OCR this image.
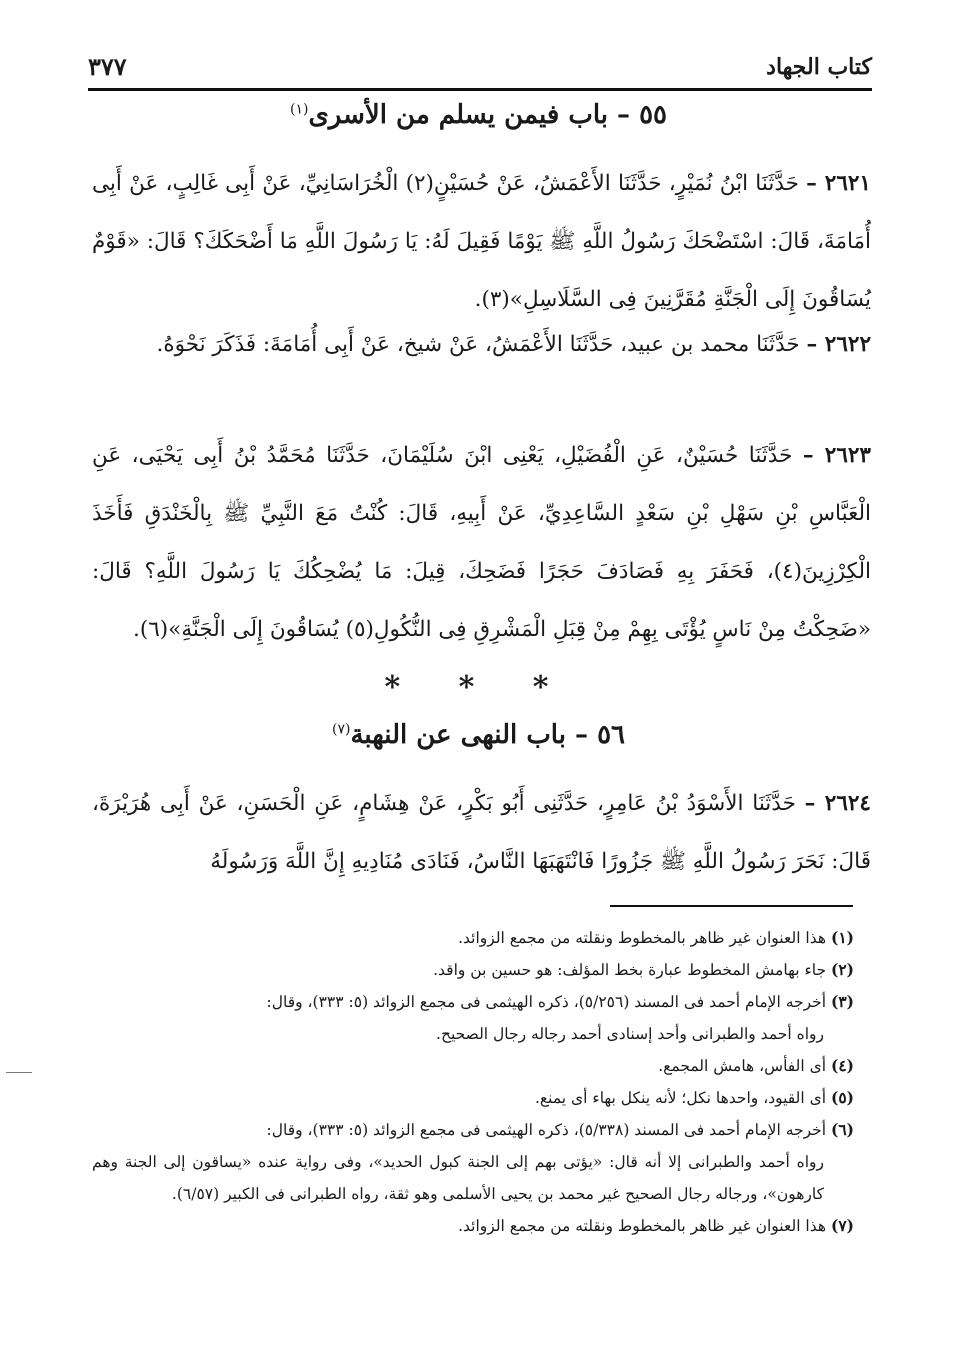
كتاب الجهاد
٣٧٧
٥٥ – باب فيمن يسلم من الأسرى$^{(١)}$
٢٦٢١ – حَدَّثَنَا ابْنُ نُمَيْرٍ، حَدَّثَنَا الأَعْمَشُ، عَنْ حُسَيْنٍ(٢) الْخُرَاسَانِيِّ، عَنْ أَبِى غَالِبٍ، عَنْ أَبِى أُمَامَةَ، قَالَ: اسْتَضْحَكَ رَسُولُ اللَّهِ ﷺ يَوْمًا فَقِيلَ لَهُ: يَا رَسُولَ اللَّهِ مَا أَضْحَكَكَ؟ قَالَ: «قَوْمٌ يُسَاقُونَ إِلَى الْجَنَّةِ مُقَرَّنِينَ فِى السَّلَاسِلِ»(٣).
٢٦٢٢ – حَدَّثَنَا محمد بن عبيد، حَدَّثَنَا الأَعْمَشُ، عَنْ شيخ، عَنْ أَبِى أُمَامَةَ: فَذَكَرَ نَحْوَهُ.
٢٦٢٣ – حَدَّثَنَا حُسَيْنٌ، عَنِ الْفُضَيْلِ، يَعْنِى ابْنَ سُلَيْمَانَ، حَدَّثَنَا مُحَمَّدُ بْنُ أَبِى يَحْيَى، عَنِ الْعَبَّاسِ بْنِ سَهْلِ بْنِ سَعْدٍ السَّاعِدِيِّ، عَنْ أَبِيهِ، قَالَ: كُنْتُ مَعَ النَّبِيِّ ﷺ بِالْخَنْدَقِ فَأَخَذَ الْكِرْزِينَ(٤)، فَحَفَرَ بِهِ فَصَادَفَ حَجَرًا فَضَحِكَ، قِيلَ: مَا يُضْحِكُكَ يَا رَسُولَ اللَّهِ؟ قَالَ: «ضَحِكْتُ مِنْ نَاسٍ يُؤْتَى بِهِمْ مِنْ قِبَلِ الْمَشْرِقِ فِى النُّكُولِ(٥) يُسَاقُونَ إِلَى الْجَنَّةِ»(٦).
* * *
٥٦ – باب النهى عن النهبة$^{(٧)}$
٢٦٢٤ – حَدَّثَنَا الأَسْوَدُ بْنُ عَامِرٍ، حَدَّثَنِى أَبُو بَكْرٍ، عَنْ هِشَامٍ، عَنِ الْحَسَنِ، عَنْ أَبِى هُرَيْرَةَ، قَالَ: نَحَرَ رَسُولُ اللَّهِ ﷺ جَزُورًا فَانْتَهَبَهَا النَّاسُ، فَنَادَى مُنَادِيهِ إِنَّ اللَّهَ وَرَسُولَهُ

(١) هذا العنوان غير ظاهر بالمخطوط ونقلته من مجمع الزوائد.

(٢) جاء بهامش المخطوط عبارة بخط المؤلف: هو حسين بن واقد.

(٣) أخرجه الإمام أحمد فى المسند (٥/٢٥٦)، ذكره الهيثمى فى مجمع الزوائد (٥: ٣٣٣)، وقال:

رواه أحمد والطبرانى وأحد إسنادى أحمد رجاله رجال الصحيح.

(٤) أى الفأس، هامش المجمع.

(٥) أى القيود، واحدها نكل؛ لأنه ينكل بهاء أى يمنع.

(٦) أخرجه الإمام أحمد فى المسند (٥/٣٣٨)، ذكره الهيثمى فى مجمع الزوائد (٥: ٣٣٣)، وقال:

رواه أحمد والطبرانى إلا أنه قال: «يؤتى بهم إلى الجنة كبول الحديد»، وفى رواية عنده «يساقون إلى الجنة وهم كارهون»، ورجاله رجال الصحيح غير محمد بن يحيى الأسلمى وهو ثقة، رواه الطبرانى فى الكبير (٦/٥٧).

(٧) هذا العنوان غير ظاهر بالمخطوط ونقلته من مجمع الزوائد.
